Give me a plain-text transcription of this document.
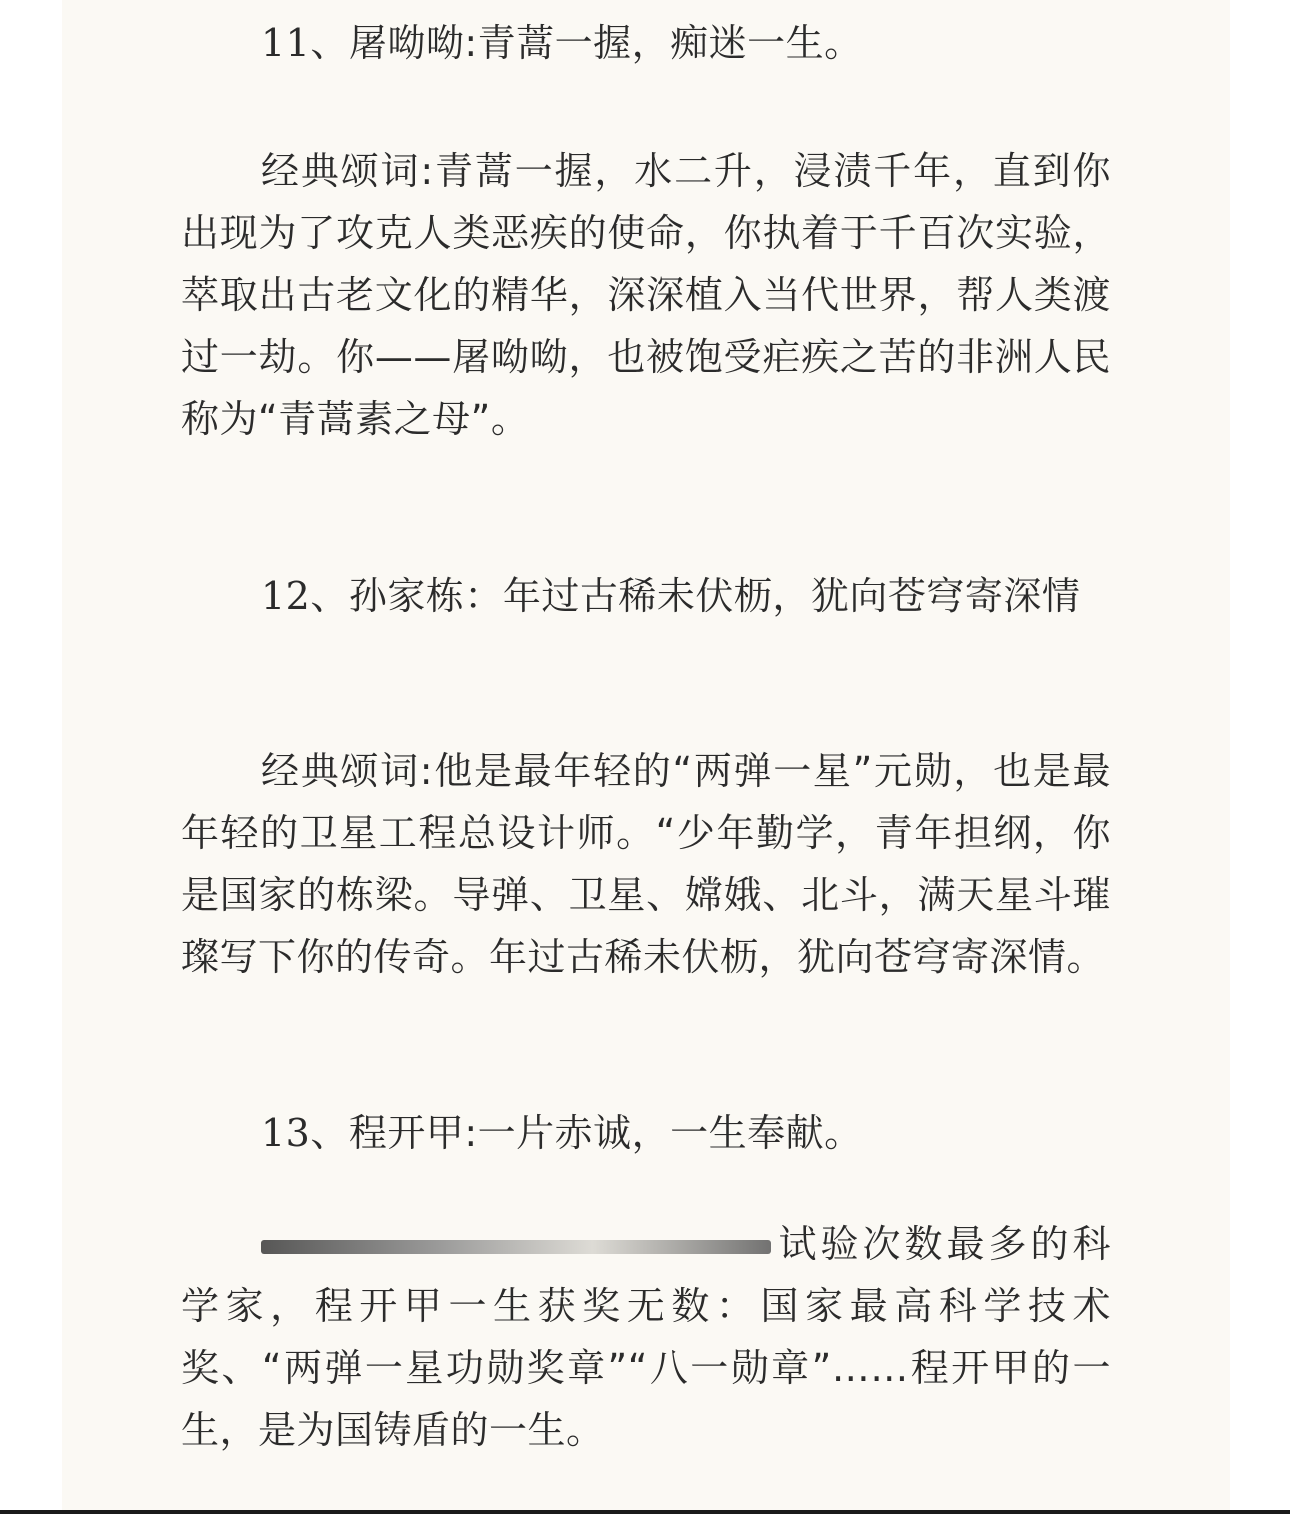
11、屠呦呦:青蒿一握，痴迷一生。

经典颂词:青蒿一握，水二升，浸渍千年，直到你出现为了攻克人类恶疾的使命，你执着于千百次实验，萃取出古老文化的精华，深深植入当代世界，帮人类渡过一劫。你——屠呦呦，也被饱受疟疾之苦的非洲人民称为“青蒿素之母”。

12、孙家栋：年过古稀未伏枥，犹向苍穹寄深情

经典颂词:他是最年轻的“两弹一星”元勋，也是最年轻的卫星工程总设计师。“少年勤学，青年担纲，你是国家的栋梁。导弹、卫星、嫦娥、北斗，满天星斗璀璨写下你的传奇。年过古稀未伏枥，犹向苍穹寄深情。

13、程开甲:一片赤诚，一生奉献。

试验次数最多的科学家，程开甲一生获奖无数：国家最高科学技术奖、“两弹一星功勋奖章”“八一勋章”……程开甲的一生，是为国铸盾的一生。
